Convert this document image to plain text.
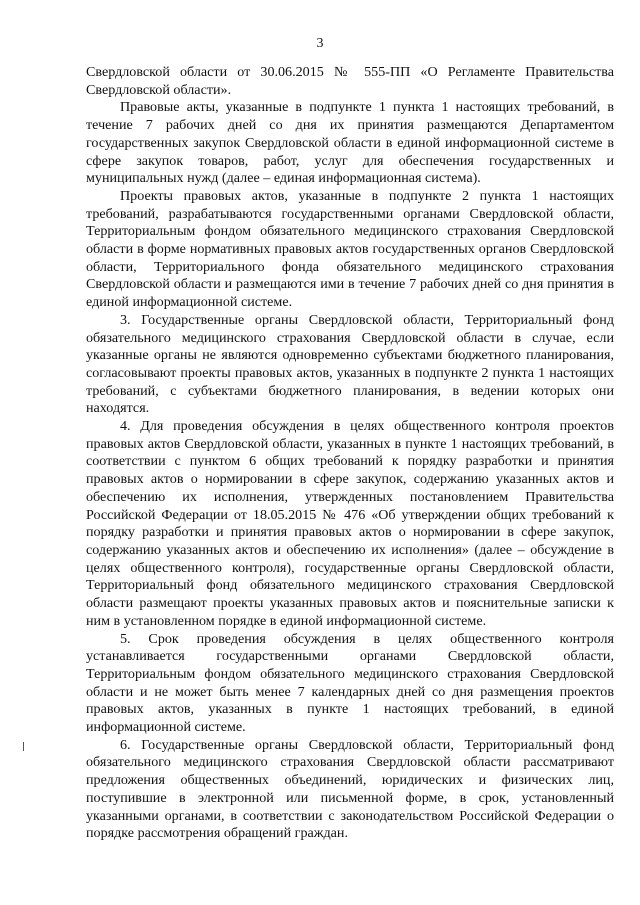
3

Свердловской области от 30.06.2015 № 555-ПП «О Регламенте Правительства Свердловской области».

Правовые акты, указанные в подпункте 1 пункта 1 настоящих требований, в течение 7 рабочих дней со дня их принятия размещаются Департаментом государственных закупок Свердловской области в единой информационной системе в сфере закупок товаров, работ, услуг для обеспечения государственных и муниципальных нужд (далее – единая информационная система).

Проекты правовых актов, указанные в подпункте 2 пункта 1 настоящих требований, разрабатываются государственными органами Свердловской области, Территориальным фондом обязательного медицинского страхования Свердловской области в форме нормативных правовых актов государственных органов Свердловской области, Территориального фонда обязательного медицинского страхования Свердловской области и размещаются ими в течение 7 рабочих дней со дня принятия в единой информационной системе.

3. Государственные органы Свердловской области, Территориальный фонд обязательного медицинского страхования Свердловской области в случае, если указанные органы не являются одновременно субъектами бюджетного планирования, согласовывают проекты правовых актов, указанных в подпункте 2 пункта 1 настоящих требований, с субъектами бюджетного планирования, в ведении которых они находятся.

4. Для проведения обсуждения в целях общественного контроля проектов правовых актов Свердловской области, указанных в пункте 1 настоящих требований, в соответствии с пунктом 6 общих требований к порядку разработки и принятия правовых актов о нормировании в сфере закупок, содержанию указанных актов и обеспечению их исполнения, утвержденных постановлением Правительства Российской Федерации от 18.05.2015 № 476 «Об утверждении общих требований к порядку разработки и принятия правовых актов о нормировании в сфере закупок, содержанию указанных актов и обеспечению их исполнения» (далее – обсуждение в целях общественного контроля), государственные органы Свердловской области, Территориальный фонд обязательного медицинского страхования Свердловской области размещают проекты указанных правовых актов и пояснительные записки к ним в установленном порядке в единой информационной системе.

5. Срок проведения обсуждения в целях общественного контроля устанавливается государственными органами Свердловской области, Территориальным фондом обязательного медицинского страхования Свердловской области и не может быть менее 7 календарных дней со дня размещения проектов правовых актов, указанных в пункте 1 настоящих требований, в единой информационной системе.

6. Государственные органы Свердловской области, Территориальный фонд обязательного медицинского страхования Свердловской области рассматривают предложения общественных объединений, юридических и физических лиц, поступившие в электронной или письменной форме, в срок, установленный указанными органами, в соответствии с законодательством Российской Федерации о порядке рассмотрения обращений граждан.
